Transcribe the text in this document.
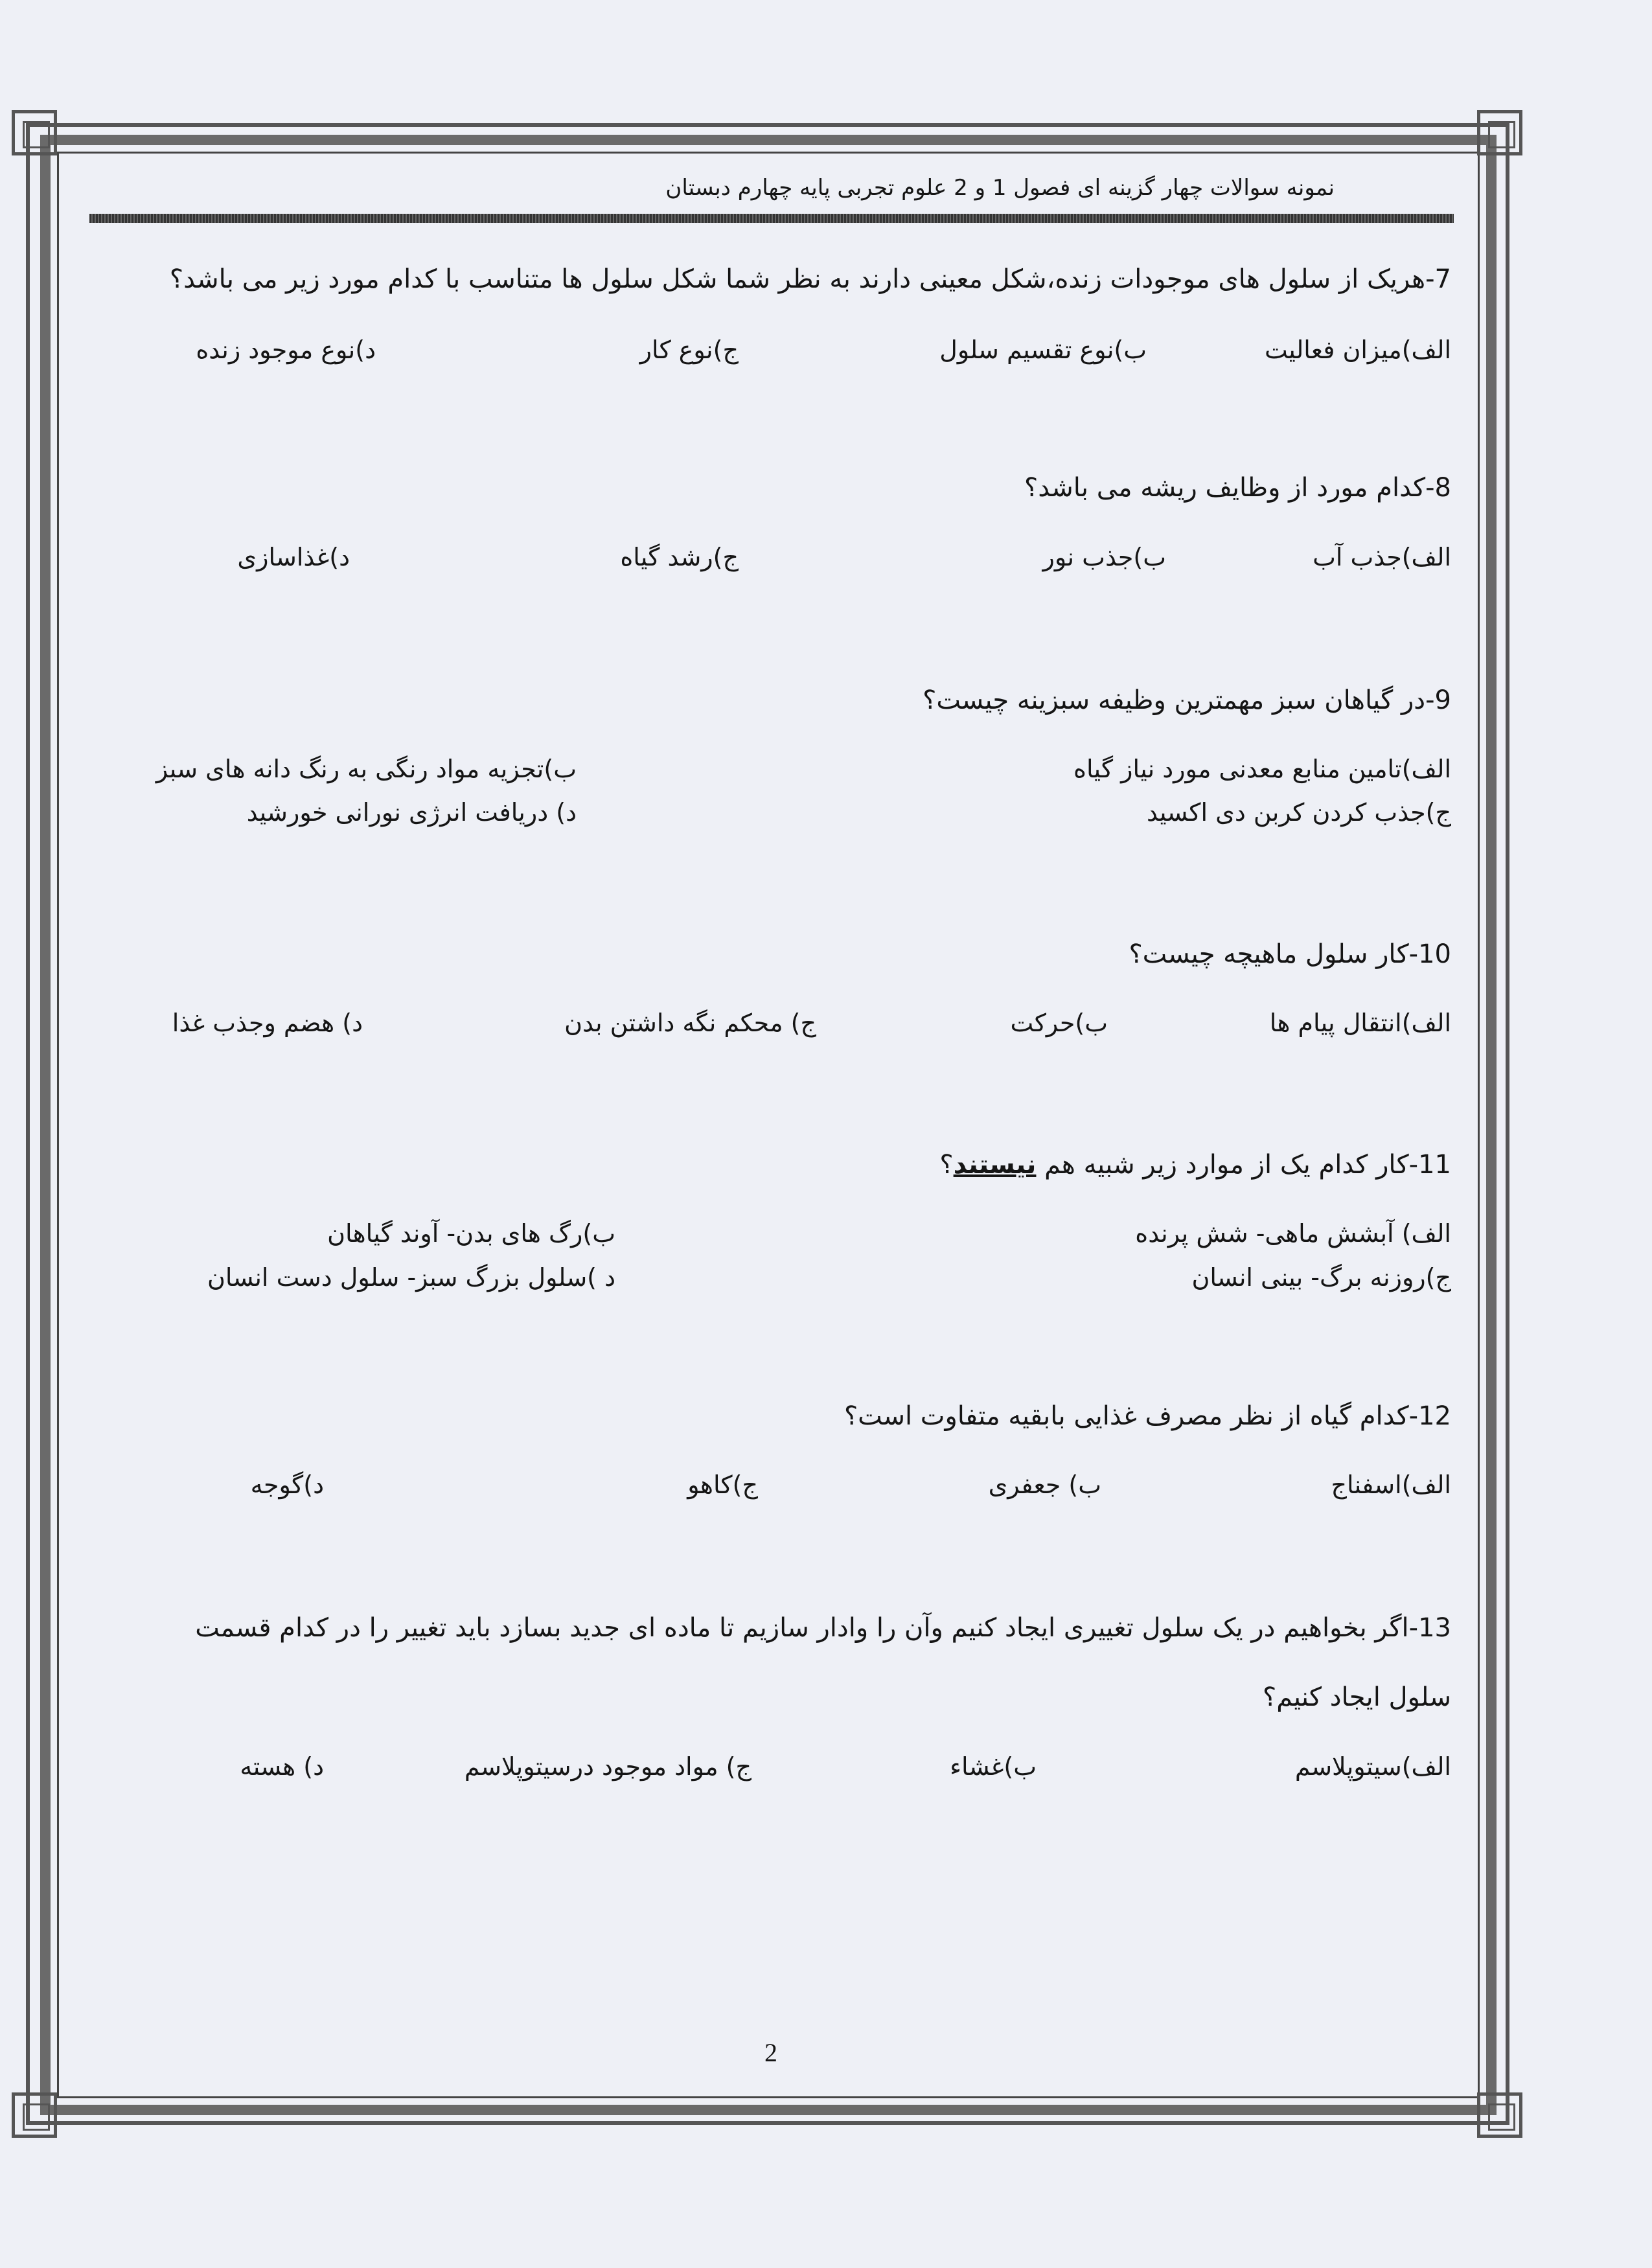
نمونه سوالات چهار گزینه ای فصول 1 و 2 علوم تجربی پایه چهارم دبستان
7-هریک از سلول های موجودات زنده،شکل معینی دارند به نظر شما شکل سلول ها متناسب با کدام مورد زیر می باشد؟
الف)میزان فعالیت
ب)نوع تقسیم سلول
ج)نوع کار
د)نوع موجود زنده
8-کدام مورد از وظایف ریشه می باشد؟
الف)جذب آب
ب)جذب نور
ج)رشد گیاه
د)غذاسازی
9-در گیاهان سبز مهمترین وظیفه سبزینه چیست؟
الف)تامین منابع معدنی مورد نیاز گیاه
ب)تجزیه مواد رنگی به رنگ دانه های سبز
ج)جذب کردن کربن دی اکسید
د) دریافت انرژی نورانی خورشید
10-کار سلول ماهیچه چیست؟
الف)انتقال پیام ها
ب)حرکت
ج) محکم نگه داشتن بدن
د) هضم وجذب غذا
11-کار کدام یک از موارد زیر شبیه هم نیستند؟
الف) آبشش ماهی- شش پرنده
ب)رگ های بدن- آوند گیاهان
ج)روزنه برگ- بینی انسان
د )سلول بزرگ سبز- سلول دست انسان
12-کدام گیاه از نظر مصرف غذایی بابقیه متفاوت است؟
الف)اسفناج
ب) جعفری
ج)کاهو
د)گوجه
13-اگر بخواهیم در یک سلول تغییری ایجاد کنیم وآن را وادار سازیم تا ماده ای جدید بسازد باید تغییر را در کدام قسمت
سلول ایجاد کنیم؟
الف)سیتوپلاسم
ب)غشاء
ج) مواد موجود درسیتوپلاسم
د) هسته
2
